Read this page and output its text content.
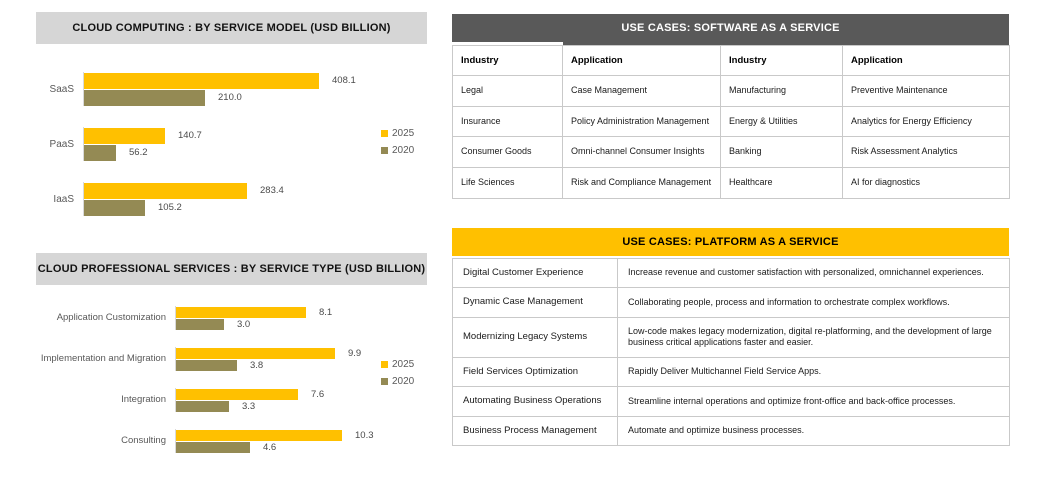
CLOUD COMPUTING : BY SERVICE MODEL (USD BILLION)
SaaS
408.1
210.0
PaaS
140.7
56.2
IaaS
283.4
105.2
2025
2020
CLOUD PROFESSIONAL SERVICES : BY SERVICE TYPE (USD BILLION)
Application Customization	8.1
3.0
Implementation and Migration	9.9
3.8
Integration	7.6
3.3
Consulting	10.3
4.6
2025
2020
USE CASES: SOFTWARE AS A SERVICE
Industry	Application	Industry	Application
Legal	Case Management	Manufacturing	Preventive Maintenance
Insurance	Policy Administration Management	Energy & Utilities	Analytics for Energy Efficiency
Consumer Goods	Omni-channel Consumer Insights	Banking	Risk Assessment Analytics
Life Sciences	Risk and Compliance Management	Healthcare	AI for diagnostics
USE CASES: PLATFORM AS A SERVICE
Digital Customer Experience	Increase revenue and customer satisfaction with personalized, omnichannel experiences.
Dynamic Case Management	Collaborating people, process and information to orchestrate complex workflows.
Modernizing Legacy Systems	Low-code makes legacy modernization, digital re-platforming, and the development of large business critical applications faster and easier.
Field Services Optimization	Rapidly Deliver Multichannel Field Service Apps.
Automating Business Operations	Streamline internal operations and optimize front-office and back-office processes.
Business Process Management	Automate and optimize business processes.
